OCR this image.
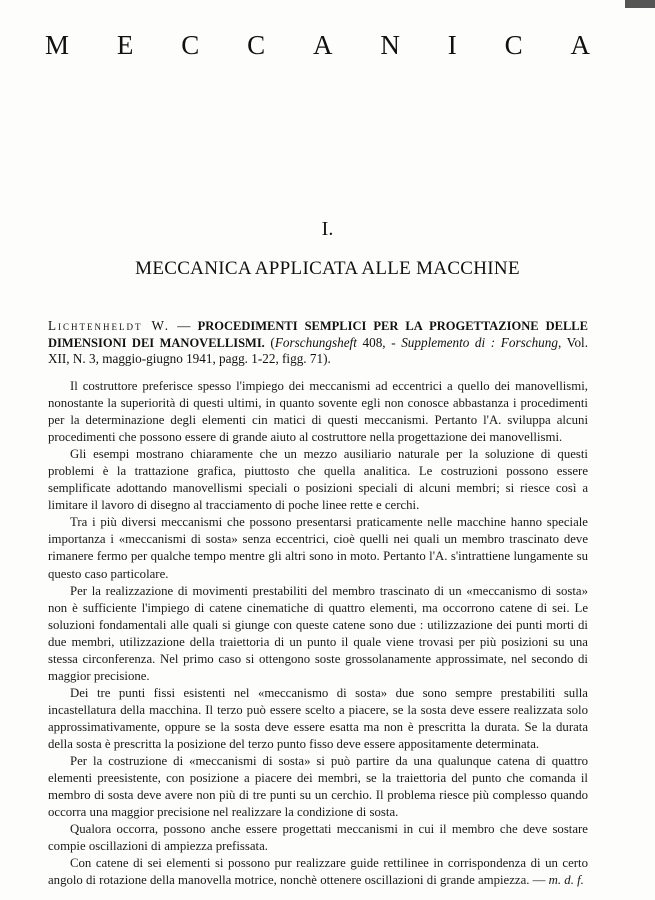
M E C C A N I C A
I.
MECCANICA APPLICATA ALLE MACCHINE
Lichtenheldt W. — PROCEDIMENTI SEMPLICI PER LA PROGETTAZIONE DELLE DIMENSIONI DEI MANOVELLISMI. (Forschungsheft 408, - Supplemento di : Forschung, Vol. XII, N. 3, maggio-giugno 1941, pagg. 1-22, figg. 71).

Il costruttore preferisce spesso l'impiego dei meccanismi ad eccentrici a quello dei manovellismi, nonostante la superiorità di questi ultimi, in quanto sovente egli non conosce abbastanza i procedimenti per la determinazione degli elementi cin matici di questi meccanismi. Pertanto l'A. sviluppa alcuni procedimenti che possono essere di grande aiuto al costruttore nella progettazione dei manovellismi.

Gli esempi mostrano chiaramente che un mezzo ausiliario naturale per la soluzione di questi problemi è la trattazione grafica, piuttosto che quella analitica. Le costruzioni possono essere semplificate adottando manovellismi speciali o posizioni speciali di alcuni membri; si riesce così a limitare il lavoro di disegno al tracciamento di poche linee rette e cerchi.

Tra i più diversi meccanismi che possono presentarsi praticamente nelle macchine hanno speciale importanza i «meccanismi di sosta» senza eccentrici, cioè quelli nei quali un membro trascinato deve rimanere fermo per qualche tempo mentre gli altri sono in moto. Pertanto l'A. s'intrattiene lungamente su questo caso particolare.

Per la realizzazione di movimenti prestabiliti del membro trascinato di un «meccanismo di sosta» non è sufficiente l'impiego di catene cinematiche di quattro elementi, ma occorrono catene di sei. Le soluzioni fondamentali alle quali si giunge con queste catene sono due : utilizzazione dei punti morti di due membri, utilizzazione della traiettoria di un punto il quale viene trovasi per più posizioni su una stessa circonferenza. Nel primo caso si ottengono soste grossolanamente approssimate, nel secondo di maggior precisione.

Dei tre punti fissi esistenti nel «meccanismo di sosta» due sono sempre prestabiliti sulla incastellatura della macchina. Il terzo può essere scelto a piacere, se la sosta deve essere realizzata solo approssimativamente, oppure se la sosta deve essere esatta ma non è prescritta la durata. Se la durata della sosta è prescritta la posizione del terzo punto fisso deve essere appositamente determinata.

Per la costruzione di «meccanismi di sosta» si può partire da una qualunque catena di quattro elementi preesistente, con posizione a piacere dei membri, se la traiettoria del punto che comanda il membro di sosta deve avere non più di tre punti su un cerchio. Il problema riesce più complesso quando occorra una maggior precisione nel realizzare la condizione di sosta.

Qualora occorra, possono anche essere progettati meccanismi in cui il membro che deve sostare compie oscillazioni di ampiezza prefissata.

Con catene di sei elementi si possono pur realizzare guide rettilinee in corrispondenza di un certo angolo di rotazione della manovella motrice, nonchè ottenere oscillazioni di grande ampiezza. — m. d. f.
